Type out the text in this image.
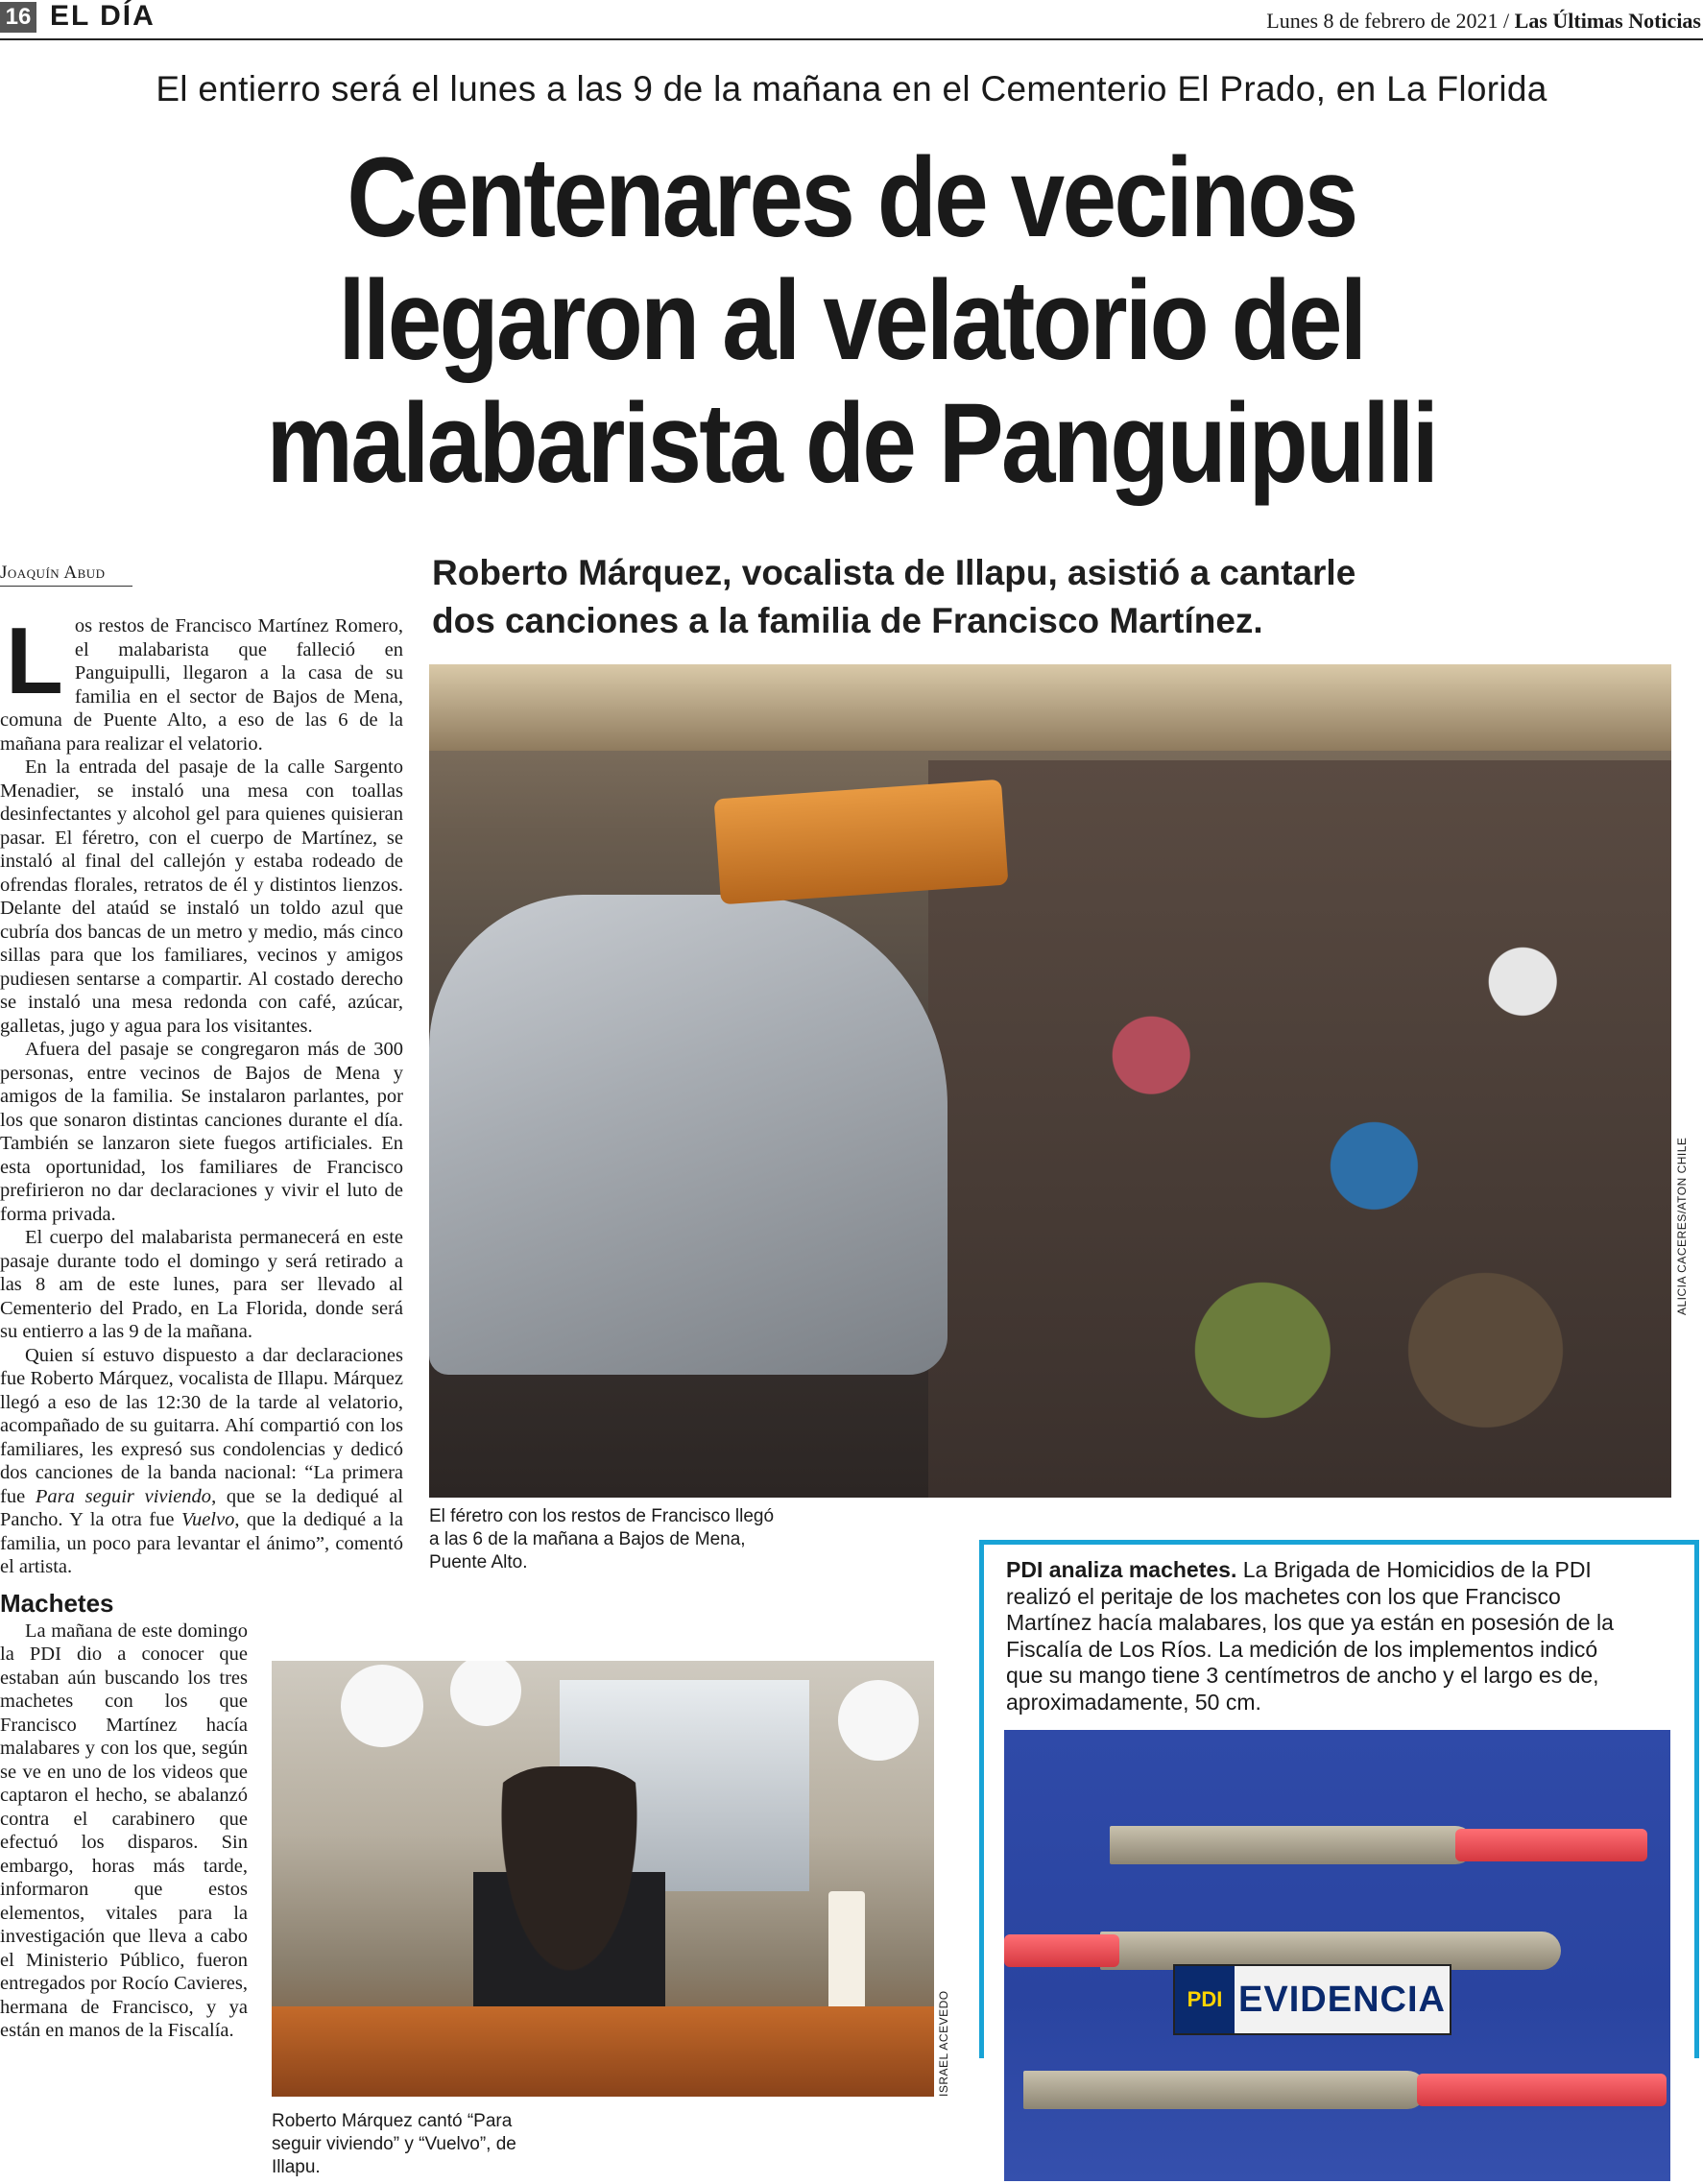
16 EL DÍA	Lunes 8 de febrero de 2021 / Las Últimas Noticias
El entierro será el lunes a las 9 de la mañana en el Cementerio El Prado, en La Florida
Centenares de vecinos
llegaron al velatorio del
malabarista de Panguipulli
Joaquín Abud

Los restos de Francisco Martínez Romero, el malabarista que falleció en Panguipulli, llegaron a la casa de su familia en el sector de Bajos de Mena, comuna de Puente Alto, a eso de las 6 de la mañana para realizar el velatorio.

En la entrada del pasaje de la calle Sargento Menadier, se instaló una mesa con toallas desinfectantes y alcohol gel para quienes quisieran pasar. El féretro, con el cuerpo de Martínez, se instaló al final del callejón y estaba rodeado de ofrendas florales, retratos de él y distintos lienzos. Delante del ataúd se instaló un toldo azul que cubría dos bancas de un metro y medio, más cinco sillas para que los familiares, vecinos y amigos pudiesen sentarse a compartir. Al costado derecho se instaló una mesa redonda con café, azúcar, galletas, jugo y agua para los visitantes.

Afuera del pasaje se congregaron más de 300 personas, entre vecinos de Bajos de Mena y amigos de la familia. Se instalaron parlantes, por los que sonaron distintas canciones durante el día. También se lanzaron siete fuegos artificiales. En esta oportunidad, los familiares de Francisco prefirieron no dar declaraciones y vivir el luto de forma privada.

El cuerpo del malabarista permanecerá en este pasaje durante todo el domingo y será retirado a las 8 am de este lunes, para ser llevado al Cementerio del Prado, en La Florida, donde será su entierro a las 9 de la mañana.

Quien sí estuvo dispuesto a dar declaraciones fue Roberto Márquez, vocalista de Illapu. Márquez llegó a eso de las 12:30 de la tarde al velatorio, acompañado de su guitarra. Ahí compartió con los familiares, les expresó sus condolencias y dedicó dos canciones de la banda nacional: “La primera fue Para seguir viviendo, que se la dediqué al Pancho. Y la otra fue Vuelvo, que la dediqué a la familia, un poco para levantar el ánimo”, comentó el artista.

Machetes

La mañana de este domingo la PDI dio a conocer que estaban aún buscando los tres machetes con los que Francisco Martínez hacía malabares y con los que, según se ve en uno de los videos que captaron el hecho, se abalanzó contra el carabinero que efectuó los disparos. Sin embargo, horas más tarde, informaron que estos elementos, vitales para la investigación que lleva a cabo el Ministerio Público, fueron entregados por Rocío Cavieres, hermana de Francisco, y ya están en manos de la Fiscalía.

Roberto Márquez, vocalista de Illapu, asistió a cantarle dos canciones a la familia de Francisco Martínez.
ALICIA CACERES/ATON CHILE
El féretro con los restos de Francisco llegó a las 6 de la mañana a Bajos de Mena, Puente Alto.
ISRAEL ACEVEDO
Roberto Márquez cantó “Para seguir viviendo” y “Vuelvo”, de Illapu.
PDI analiza machetes. La Brigada de Homicidios de la PDI realizó el peritaje de los machetes con los que Francisco Martínez hacía malabares, los que ya están en posesión de la Fiscalía de Los Ríos. La medición de los implementos indicó que su mango tiene 3 centímetros de ancho y el largo es de, aproximadamente, 50 cm.
PDI EVIDENCIA
